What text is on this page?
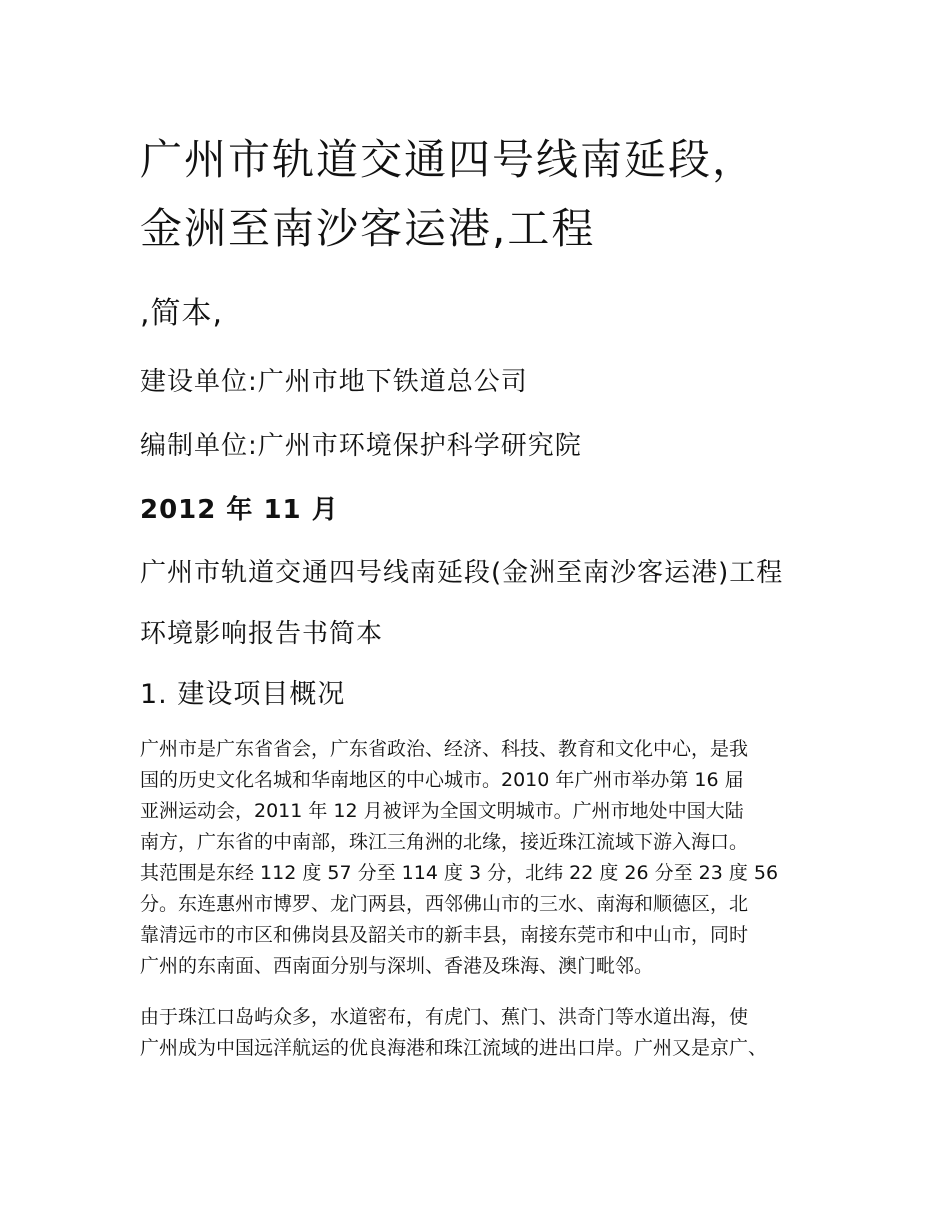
广州市轨道交通四号线南延段，
金洲至南沙客运港,工程
,简本,
建设单位:广州市地下铁道总公司
编制单位:广州市环境保护科学研究院
2012 年 11 月
广州市轨道交通四号线南延段(金洲至南沙客运港)工程
环境影响报告书简本
1. 建设项目概况
广州市是广东省省会，广东省政治、经济、科技、教育和文化中心，是我
国的历史文化名城和华南地区的中心城市。2010 年广州市举办第 16 届
亚洲运动会，2011 年 12 月被评为全国文明城市。广州市地处中国大陆
南方，广东省的中南部，珠江三角洲的北缘，接近珠江流域下游入海口。
其范围是东经 112 度 57 分至 114 度 3 分，北纬 22 度 26 分至 23 度 56
分。东连惠州市博罗、龙门两县，西邻佛山市的三水、南海和顺德区，北
靠清远市的市区和佛岗县及韶关市的新丰县，南接东莞市和中山市，同时
广州的东南面、西南面分别与深圳、香港及珠海、澳门毗邻。
由于珠江口岛屿众多，水道密布，有虎门、蕉门、洪奇门等水道出海，使
广州成为中国远洋航运的优良海港和珠江流域的进出口岸。广州又是京广、
